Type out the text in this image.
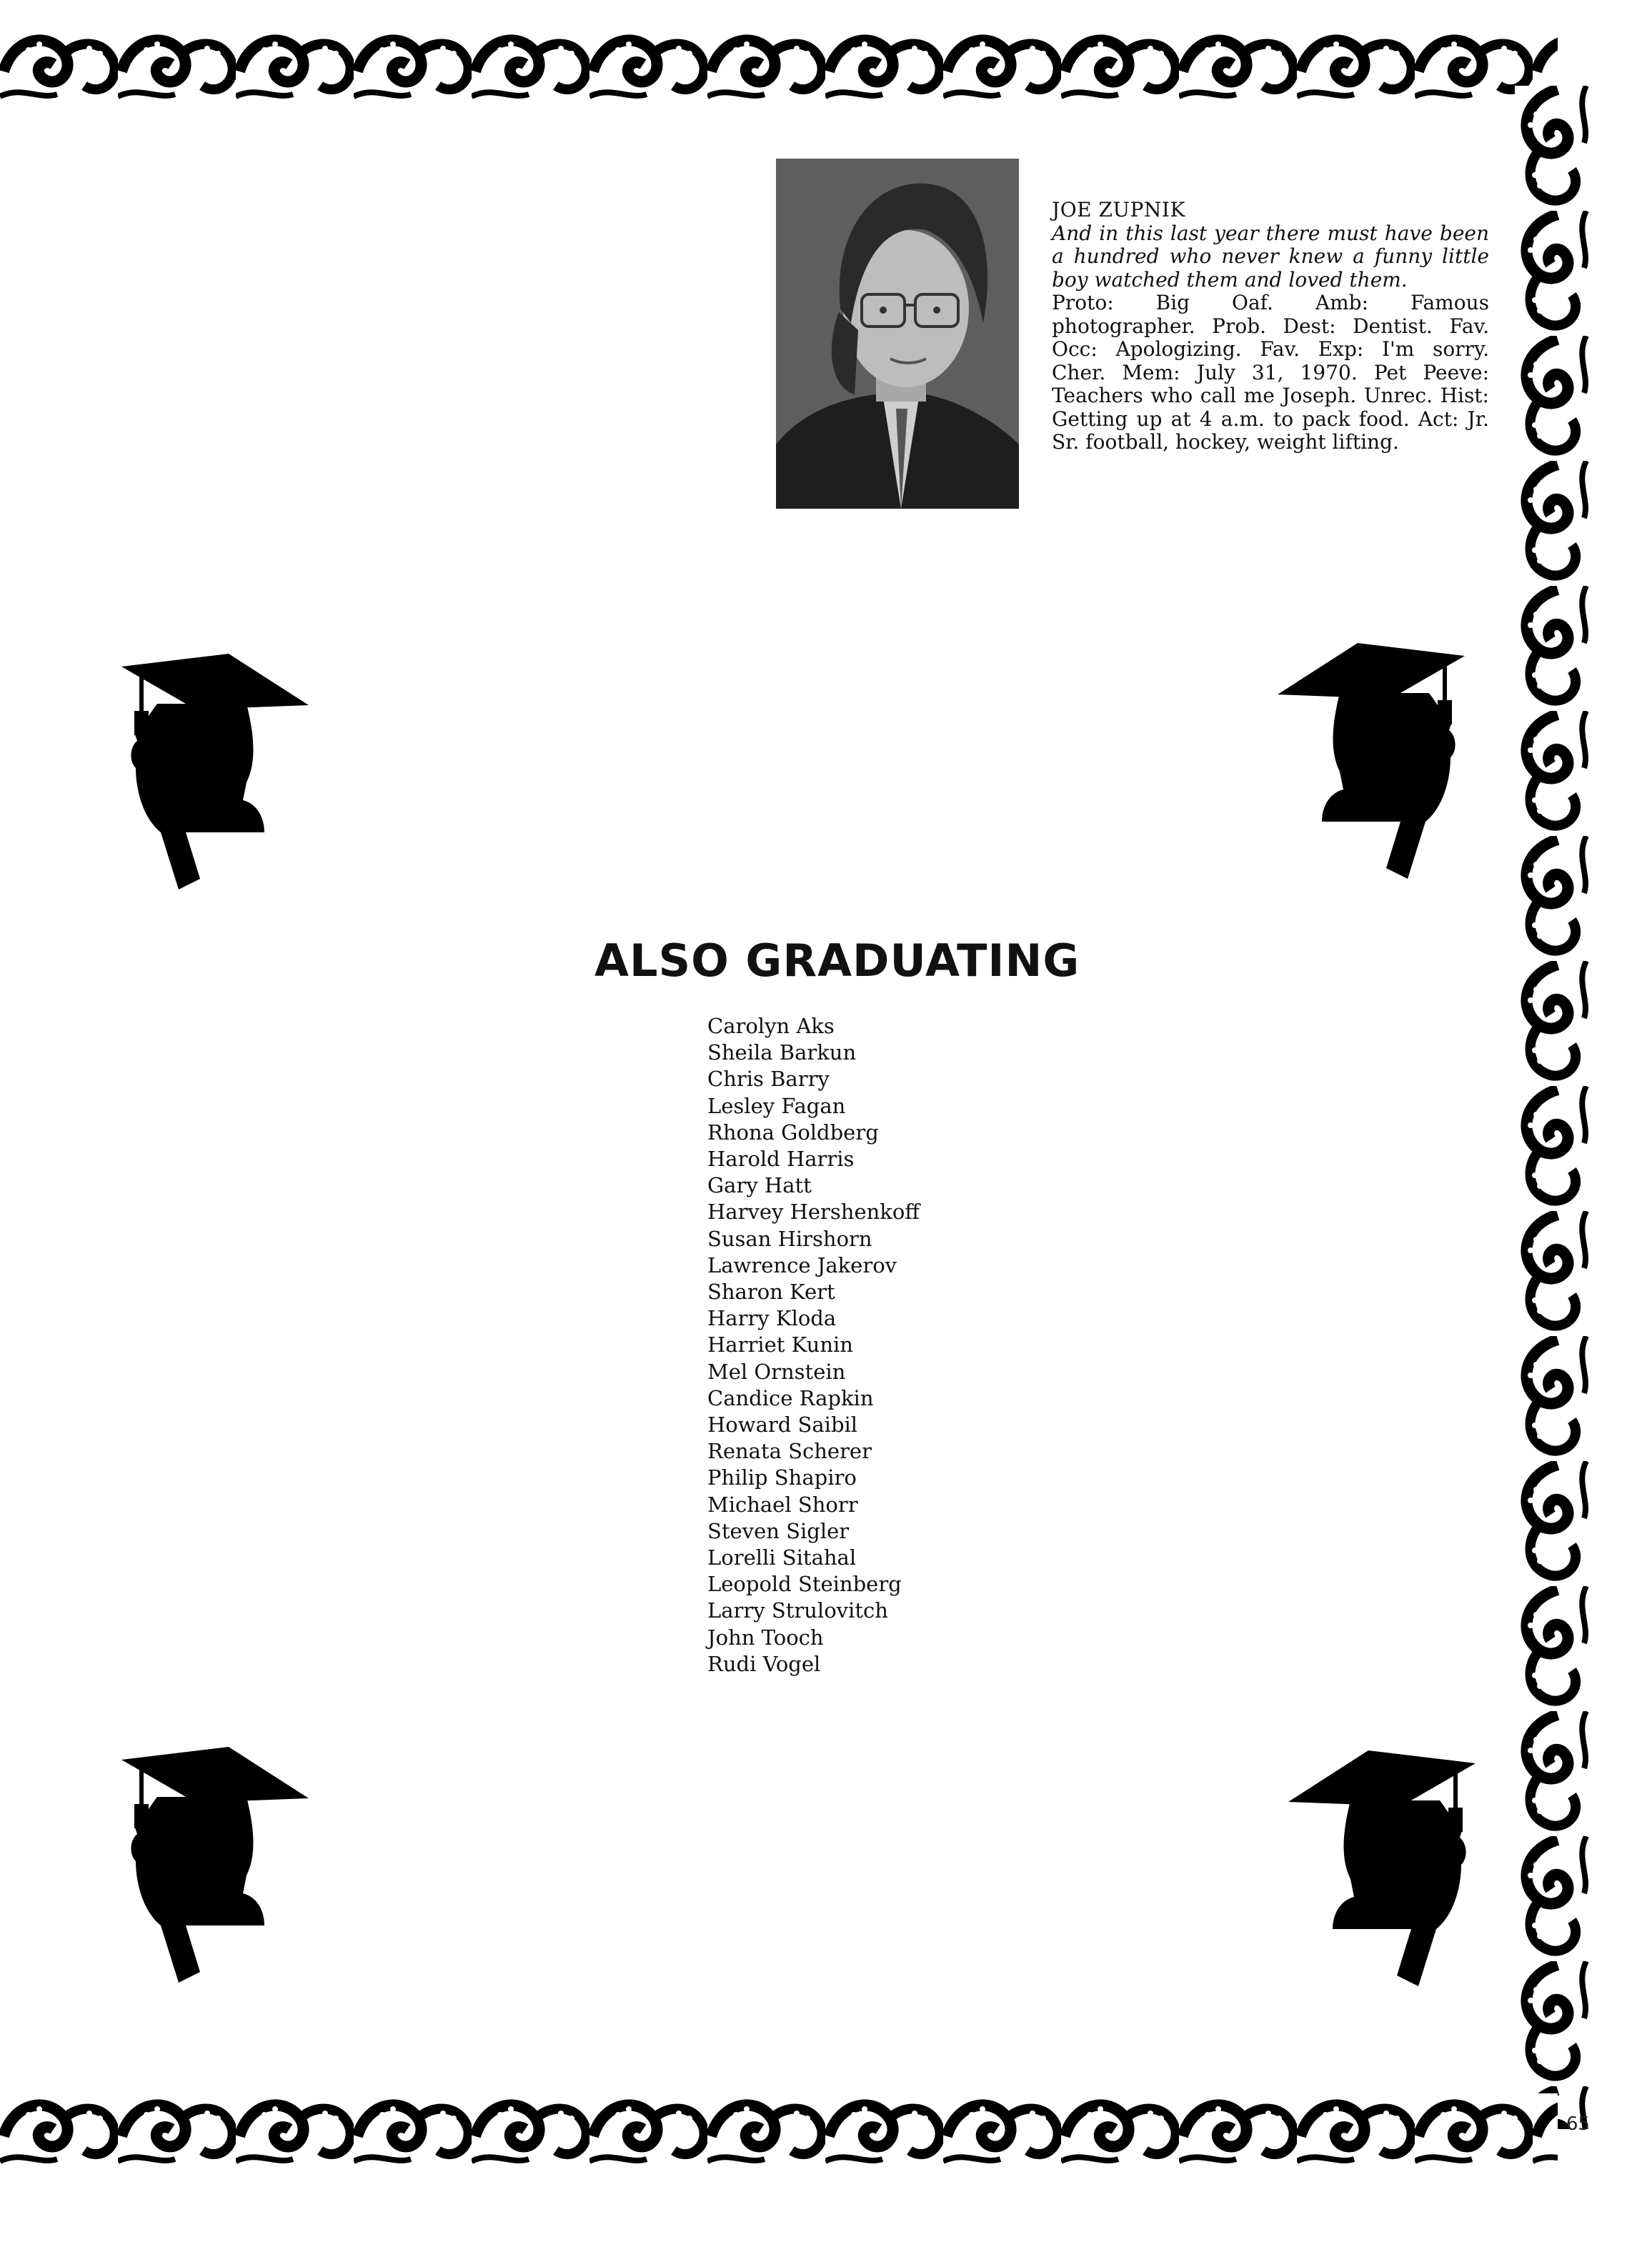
JOE ZUPNIK
And in this last year there must have been a hundred who never knew a funny little boy watched them and loved them.
Proto: Big Oaf. Amb: Famous photographer. Prob. Dest: Dentist. Fav. Occ: Apologizing. Fav. Exp: I'm sorry. Cher. Mem: July 31, 1970. Pet Peeve: Teachers who call me Joseph. Unrec. Hist: Getting up at 4 a.m. to pack food. Act: Jr. Sr. football, hockey, weight lifting.
ALSO GRADUATING
Carolyn Aks
Sheila Barkun
Chris Barry
Lesley Fagan
Rhona Goldberg
Harold Harris
Gary Hatt
Harvey Hershenkoff
Susan Hirshorn
Lawrence Jakerov
Sharon Kert
Harry Kloda
Harriet Kunin
Mel Ornstein
Candice Rapkin
Howard Saibil
Renata Scherer
Philip Shapiro
Michael Shorr
Steven Sigler
Lorelli Sitahal
Leopold Steinberg
Larry Strulovitch
John Tooch
Rudi Vogel
65
